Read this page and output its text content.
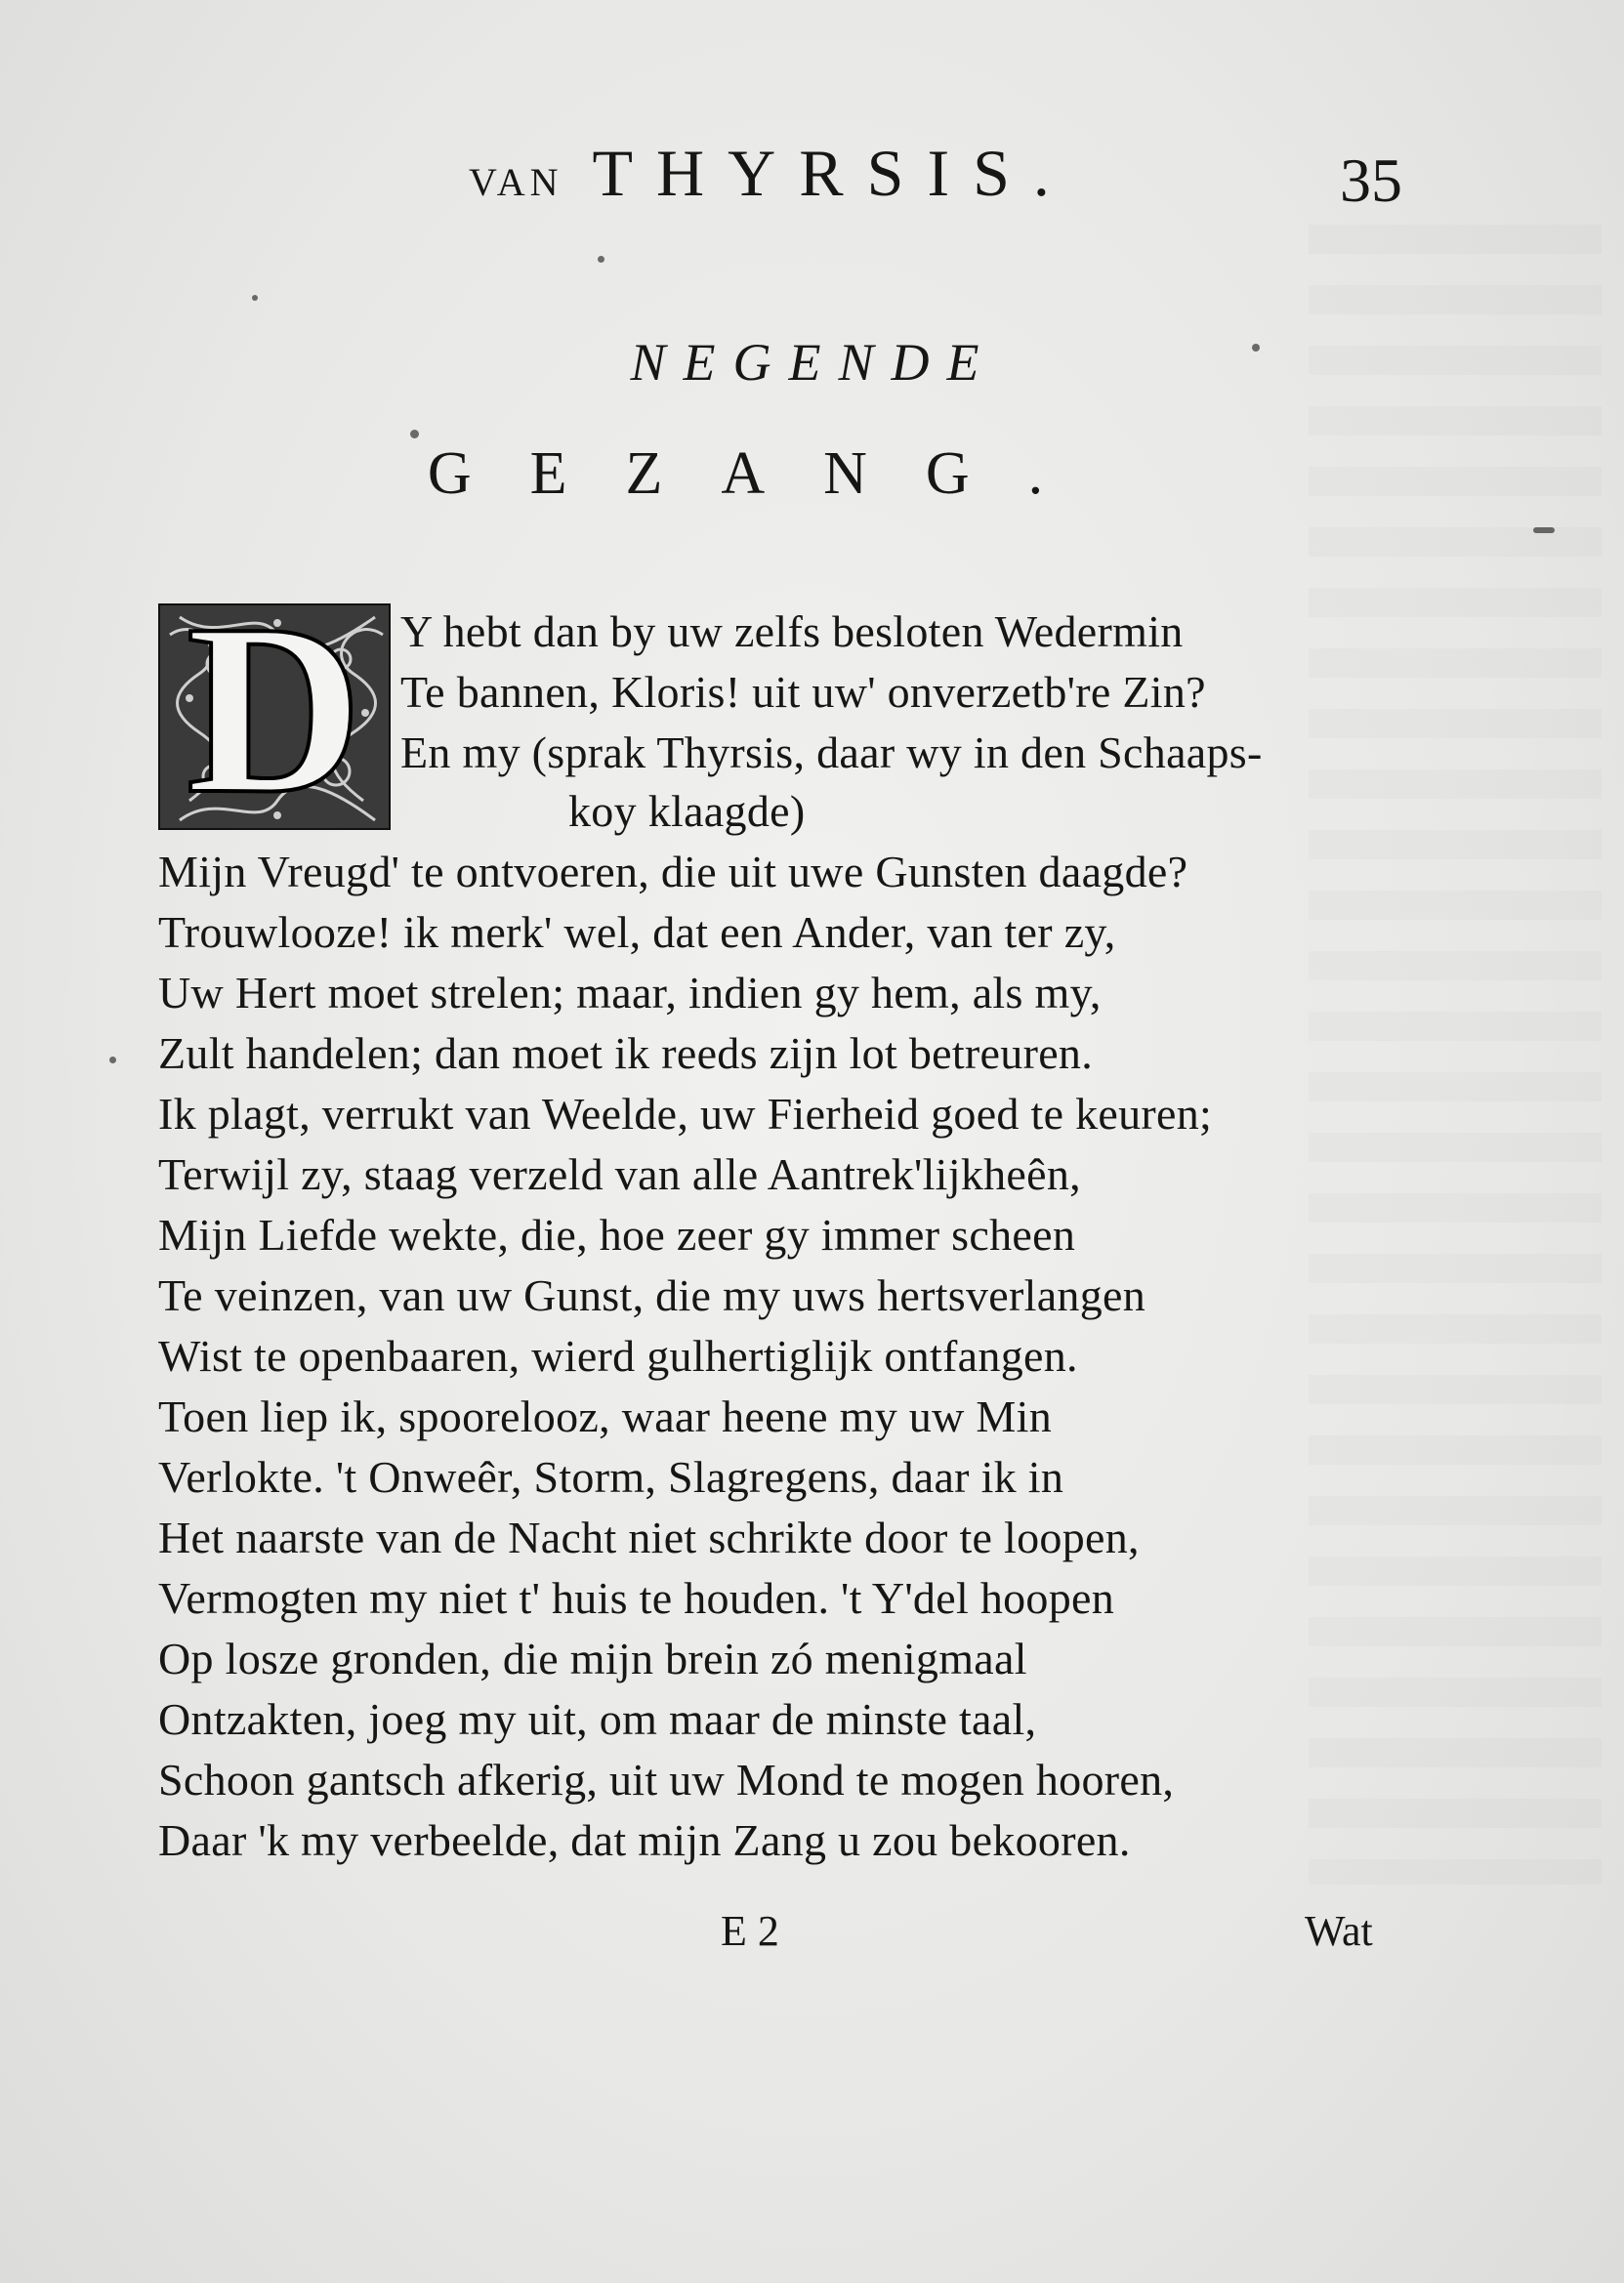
VAN THYRSIS.	35
NEGENDE
GEZANG.
D Y hebt dan by uw zelfs besloten Wedermin
Te bannen, Kloris! uit uw' onverzetb're Zin?
En my (sprak Thyrsis, daar wy in den Schaaps-
koy klaagde)
Mijn Vreugd' te ontvoeren, die uit uwe Gunsten daagde?
Trouwlooze! ik merk' wel, dat een Ander, van ter zy,
Uw Hert moet strelen; maar, indien gy hem, als my,
Zult handelen; dan moet ik reeds zijn lot betreuren.
Ik plagt, verrukt van Weelde, uw Fierheid goed te keuren;
Terwijl zy, staag verzeld van alle Aantrek'lijkheên,
Mijn Liefde wekte, die, hoe zeer gy immer scheen
Te veinzen, van uw Gunst, die my uws hertsverlangen
Wist te openbaaren, wierd gulhertiglijk ontfangen.
Toen liep ik, spoorelooz, waar heene my uw Min
Verlokte. 't Onweêr, Storm, Slagregens, daar ik in
Het naarste van de Nacht niet schrikte door te loopen,
Vermogten my niet t' huis te houden. 't Y'del hoopen
Op losze gronden, die mijn brein zó menigmaal
Ontzakten, joeg my uit, om maar de minste taal,
Schoon gantsch afkerig, uit uw Mond te mogen hooren,
Daar 'k my verbeelde, dat mijn Zang u zou bekooren.
E 2	Wat
